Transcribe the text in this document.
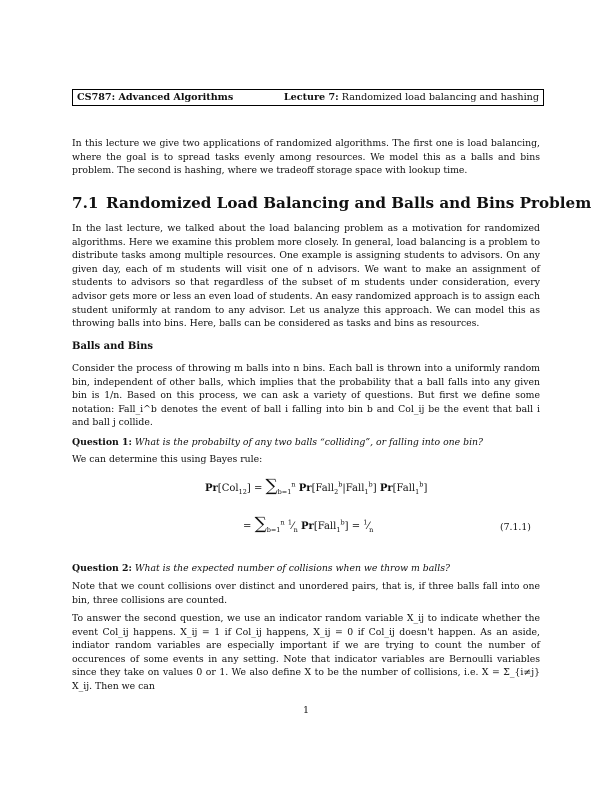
CS787: Advanced Algorithms	Lecture 7: Randomized load balancing and hashing

In this lecture we give two applications of randomized algorithms. The first one is load balancing, where the goal is to spread tasks evenly among resources. We model this as a balls and bins problem. The second is hashing, where we tradeoff storage space with lookup time.

7.1 Randomized Load Balancing and Balls and Bins Problem

In the last lecture, we talked about the load balancing problem as a motivation for randomized algorithms. Here we examine this problem more closely. In general, load balancing is a problem to distribute tasks among multiple resources. One example is assigning students to advisors. On any given day, each of m students will visit one of n advisors. We want to make an assignment of students to advisors so that regardless of the subset of m students under consideration, every advisor gets more or less an even load of students. An easy randomized approach is to assign each student uniformly at random to any advisor. Let us analyze this approach. We can model this as throwing balls into bins. Here, balls can be considered as tasks and bins as resources.

Balls and Bins

Consider the process of throwing m balls into n bins. Each ball is thrown into a uniformly random bin, independent of other balls, which implies that the probability that a ball falls into any given bin is 1/n. Based on this process, we can ask a variety of questions. But first we define some notation: Fall_i^b denotes the event of ball i falling into bin b and Col_ij be the event that ball i and ball j collide.

Question 1: What is the probabilty of any two balls “colliding”, or falling into one bin?

We can determine this using Bayes rule:

$Pr[Col_{12}] = \sum_{b=1}^n$ Pr[Fall$_2^b$|Fall$_1^b$] Pr[Fall$_1^b$]
= $\sum_{b=1}^n$ $^1⁄_n$ Pr[Fall$_1^b$] = $^1⁄_n$	(7.1.1)

Question 2: What is the expected number of collisions when we throw m balls?

Note that we count collisions over distinct and unordered pairs, that is, if three balls fall into one bin, three collisions are counted.

To answer the second question, we use an indicator random variable X_ij to indicate whether the event Col_ij happens. X_ij = 1 if Col_ij happens, X_ij = 0 if Col_ij doesn't happen. As an aside, indiator random variables are especially important if we are trying to count the number of occurences of some events in any setting. Note that indicator variables are Bernoulli variables since they take on values 0 or 1. We also define X to be the number of collisions, i.e. X = Σ_{i≠j} X_ij. Then we can

1
